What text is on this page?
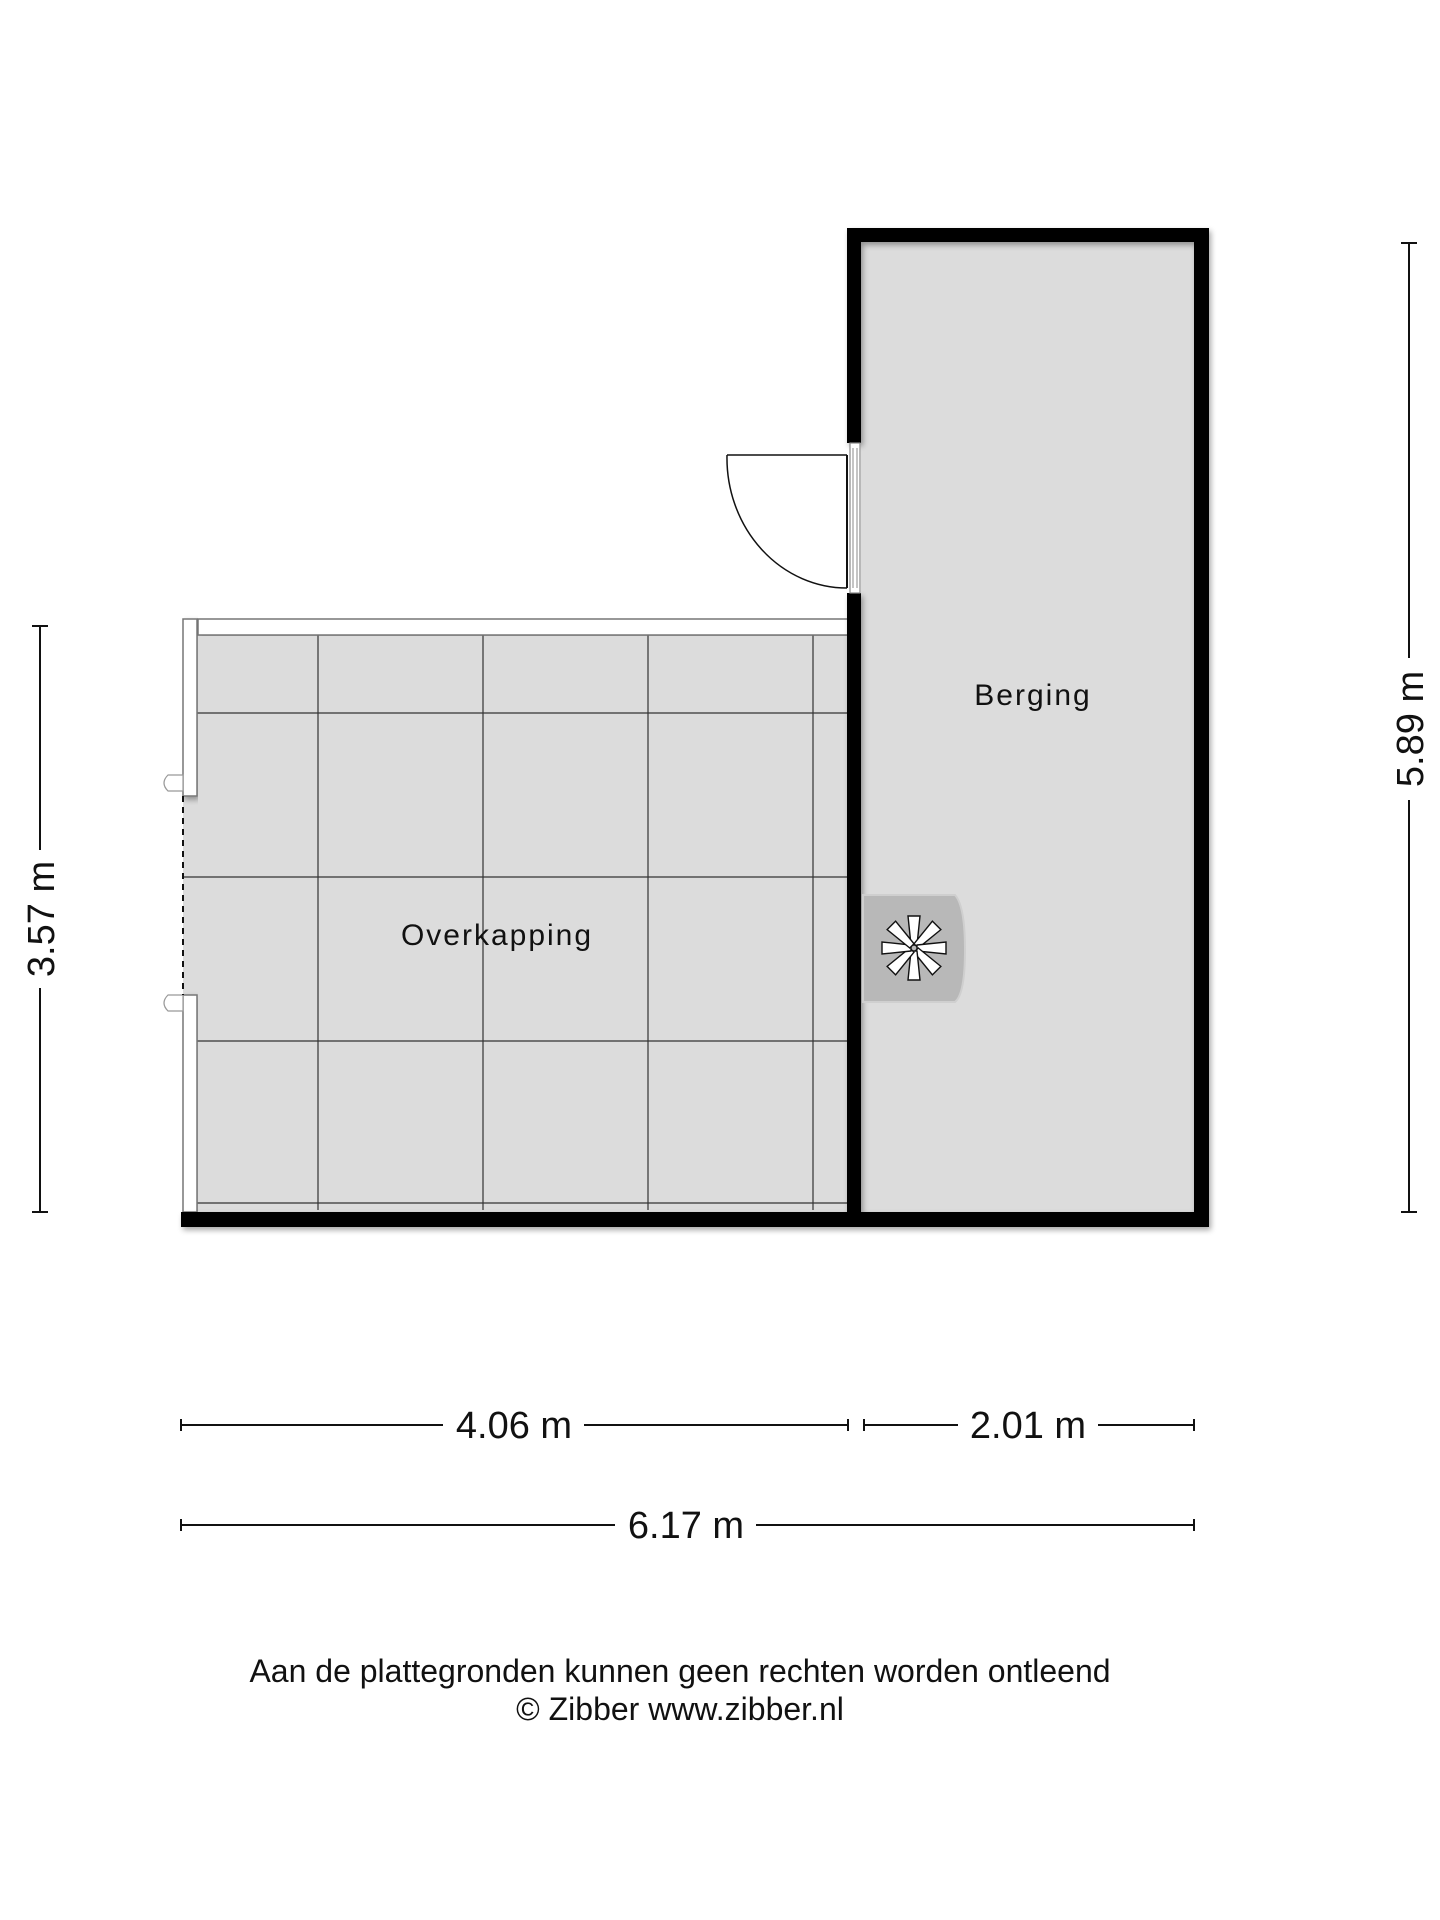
Overkapping
Berging
3.57 m
5.89 m
4.06 m	2.01 m
6.17 m
Aan de plattegronden kunnen geen rechten worden ontleend
© Zibber www.zibber.nl
